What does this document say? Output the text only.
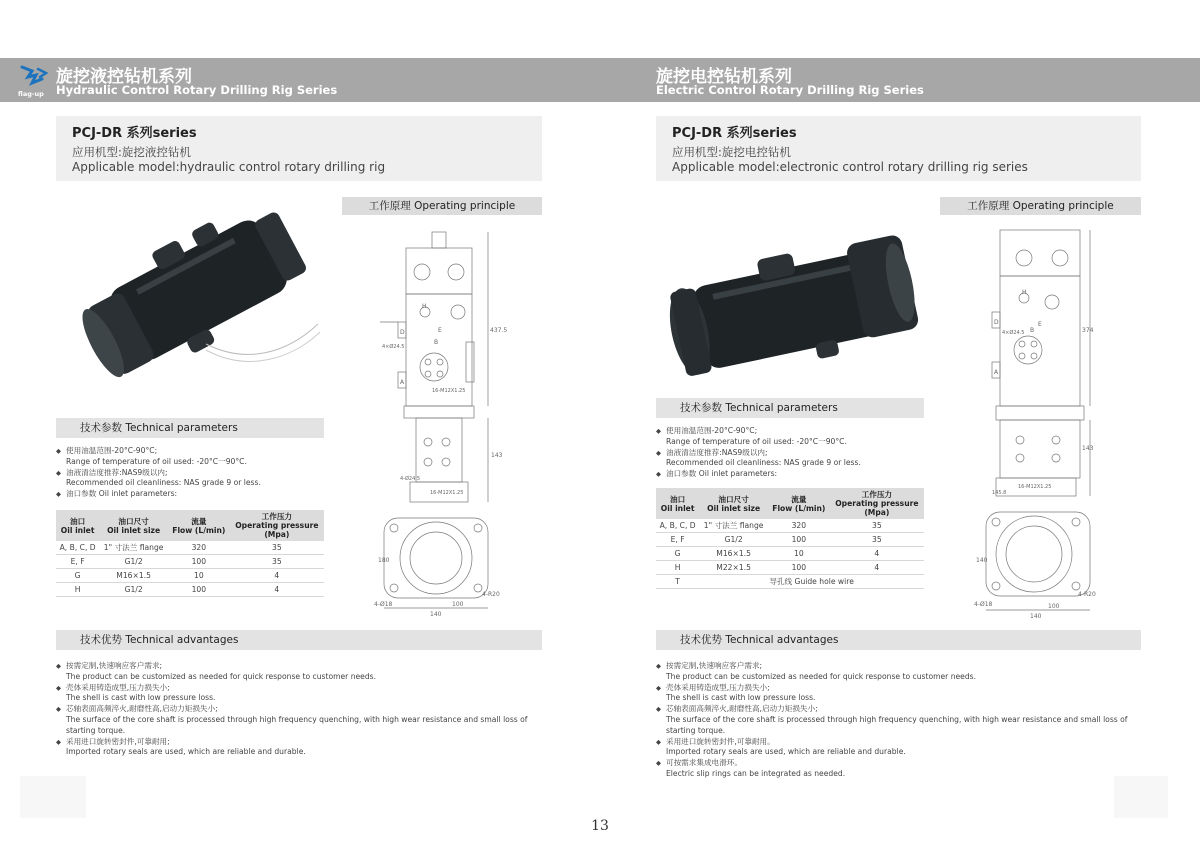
flag-up
旋挖液控钻机系列
Hydraulic Control Rotary Drilling Rig Series
旋挖电控钻机系列
Electric Control Rotary Drilling Rig Series
PCJ-DR 系列series
应用机型:旋挖液控钻机
Applicable model:hydraulic control rotary drilling rig
PCJ-DR 系列series
应用机型:旋挖电控钻机
Applicable model:electronic control rotary drilling rig series
工作原理 Operating principle
140
100
4-Ø18
4-R20
180
437.5
143
H
E
B
D
A
4×Ø24.5
16-M12X1.25
16-M12X1.25
4-Ø24.5
技术参数 Technical parameters
◆ 使用油温范围-20°C-90°C;
Range of temperature of oil used: -20°C一90°C.
◆ 油液清洁度推荐:NAS9级以内;
Recommended oil cleanliness: NAS grade 9 or less.
◆ 油口参数 Oil inlet parameters:
油口
Oil inlet	油口尺寸
Oil inlet size	流量
Flow (L/min)	工作压力
Operating pressure
(Mpa)
A, B, C, D	1" 寸法兰 flange	320	35
E, F	G1/2	100	35
G	M16×1.5	10	4
H	G1/2	100	4
技术优势 Technical advantages
◆ 按需定制,快速响应客户需求;
The product can be customized as needed for quick response to customer needs.
◆ 壳体采用铸造成型,压力损失小;
The shell is cast with low pressure loss.
◆ 芯轴表面高频淬火,耐磨性高,启动力矩损失小;
The surface of the core shaft is processed through high frequency quenching, with high wear resistance and small loss of
starting torque.
◆ 采用进口旋转密封件,可靠耐用;
Imported rotary seals are used, which are reliable and durable.
工作原理 Operating principle
140
100
4-Ø18
4-R20
140
374
143
H
E
B
D
A
4×Ø24.5
16-M12X1.25
145.8
技术参数 Technical parameters
◆ 使用油温范围-20°C-90°C;
Range of temperature of oil used: -20°C一90°C.
◆ 油液清洁度推荐:NAS9级以内;
Recommended oil cleanliness: NAS grade 9 or less.
◆ 油口参数 Oil inlet parameters:
油口
Oil inlet	油口尺寸
Oil inlet size	流量
Flow (L/min)	工作压力
Operating pressure
(Mpa)
A, B, C, D	1" 寸法兰 flange	320	35
E, F	G1/2	100	35
G	M16×1.5	10	4
H	M22×1.5	100	4
T	导孔线 Guide hole wire		
技术优势 Technical advantages
◆ 按需定制,快速响应客户需求;
The product can be customized as needed for quick response to customer needs.
◆ 壳体采用铸造成型,压力损失小;
The shell is cast with low pressure loss.
◆ 芯轴表面高频淬火,耐磨性高,启动力矩损失小;
The surface of the core shaft is processed through high frequency quenching, with high wear resistance and small loss of
starting torque.
◆ 采用进口旋转密封件,可靠耐用。
Imported rotary seals are used, which are reliable and durable.
◆ 可按需求集成电滑环。
Electric slip rings can be integrated as needed.
13
